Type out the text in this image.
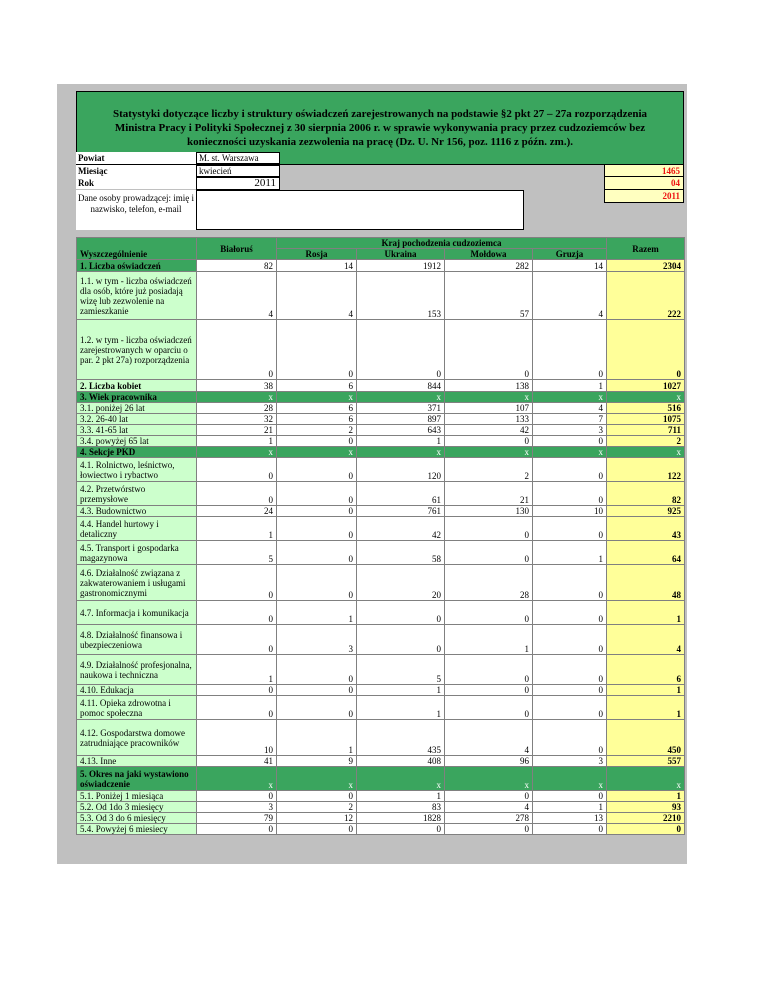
Statystyki dotyczące liczby i struktury oświadczeń zarejestrowanych na podstawie §2 pkt 27 – 27a rozporządzenia Ministra Pracy i Polityki Społecznej z 30 sierpnia 2006 r. w sprawie wykonywania pracy przez cudzoziemców bez konieczności uzyskania zezwolenia na pracę (Dz. U. Nr 156, poz. 1116 z późn. zm.).
Powiat	M. st. Warszawa
Miesiąc	kwiecień
Rok	2011
Dane osoby prowadzącej: imię i nazwisko, telefon, e-mail
1465
04
2011
Wyszczególnienie	Białoruś	Kraj pochodzenia cudzoziemca				Razem
		Rosja	Ukraina	Mołdowa	Gruzja	
1. Liczba oświadczeń	82	14	1912	282	14	2304
1.1. w tym - liczba oświadczeń dla osób, które już posiadają wizę lub zezwolenie na zamieszkanie	4	4	153	57	4	222
1.2. w tym - liczba oświadczeń zarejestrowanych w oparciu o par. 2 pkt 27a) rozporządzenia	0	0	0	0	0	0
2. Liczba kobiet	38	6	844	138	1	1027
3. Wiek pracownika	x	x	x	x	x	x
3.1. poniżej 26 lat	28	6	371	107	4	516
3.2. 26-40 lat	32	6	897	133	7	1075
3.3. 41-65 lat	21	2	643	42	3	711
3.4. powyżej 65 lat	1	0	1	0	0	2
4. Sekcje PKD	x	x	x	x	x	x
4.1. Rolnictwo, leśnictwo, łowiectwo i rybactwo	0	0	120	2	0	122
4.2. Przetwórstwo przemysłowe	0	0	61	21	0	82
4.3. Budownictwo	24	0	761	130	10	925
4.4. Handel hurtowy i detaliczny	1	0	42	0	0	43
4.5. Transport i gospodarka magazynowa	5	0	58	0	1	64
4.6. Działalność związana z zakwaterowaniem i usługami gastronomicznymi	0	0	20	28	0	48
4.7. Informacja i komunikacja	0	1	0	0	0	1
4.8. Działalność finansowa i ubezpieczeniowa	0	3	0	1	0	4
4.9. Działalność profesjonalna, naukowa i techniczna	1	0	5	0	0	6
4.10. Edukacja	0	0	1	0	0	1
4.11. Opieka zdrowotna i pomoc społeczna	0	0	1	0	0	1
4.12. Gospodarstwa domowe zatrudniające pracowników	10	1	435	4	0	450
4.13. Inne	41	9	408	96	3	557
5. Okres na jaki wystawiono oświadczenie	x	x	x	x	x	x
5.1. Poniżej 1 miesiąca	0	0	1	0	0	1
5.2. Od 1do 3 miesięcy	3	2	83	4	1	93
5.3. Od 3 do 6 miesięcy	79	12	1828	278	13	2210
5.4. Powyżej 6 miesiecy	0	0	0	0	0	0
